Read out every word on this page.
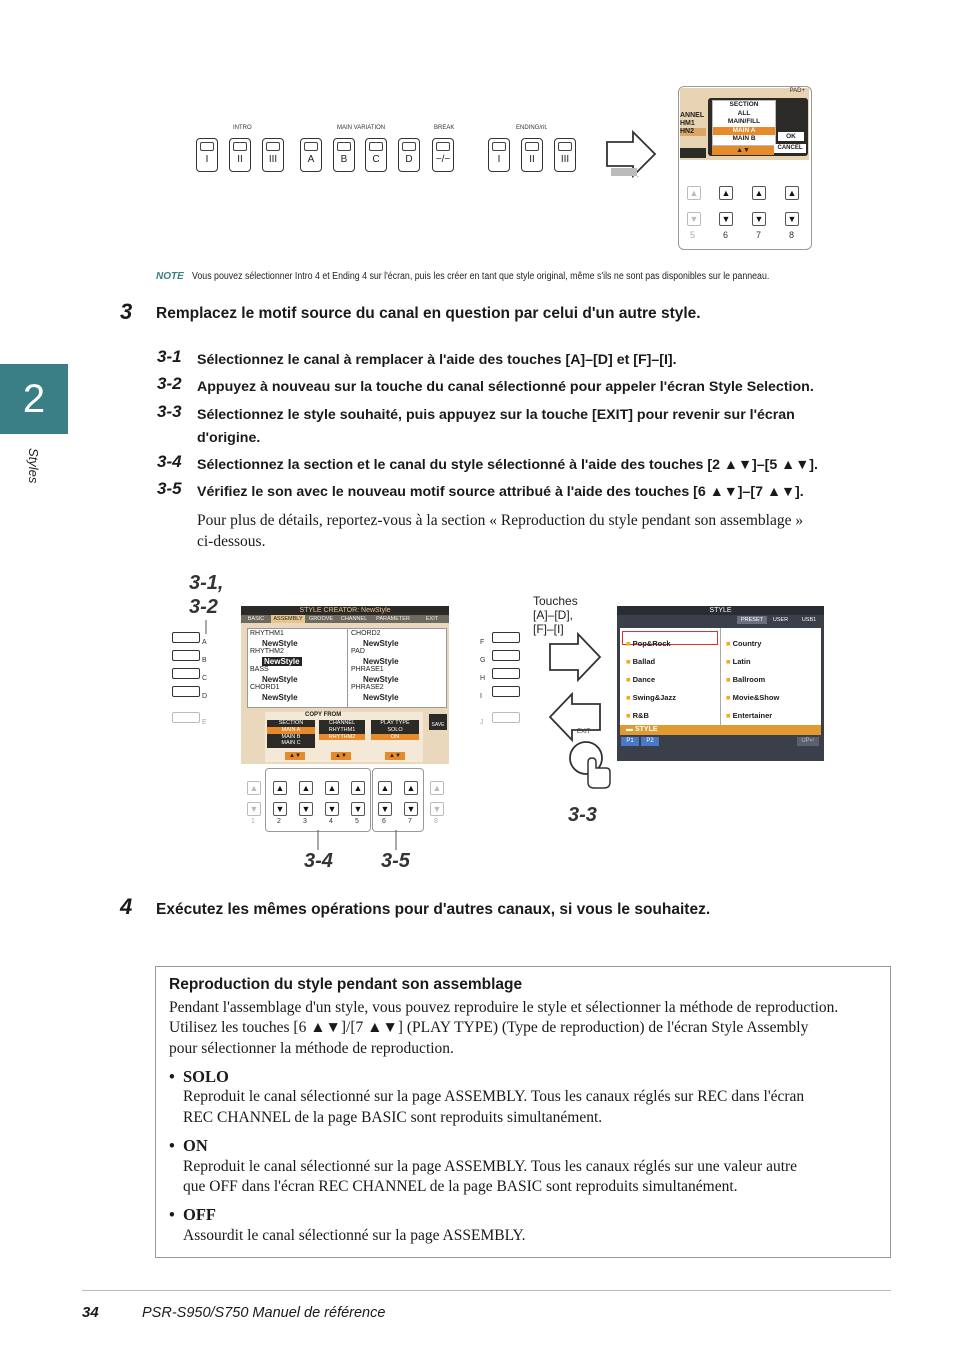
2
Styles
INTRO	MAIN VARIATION	BREAK	ENDING/rit.
I	II	III	A	B	C	D	−/−	I	II	III
PAD+
ANNEL
HM1
HN2
SECTION
ALL
MAIN/FILL
MAIN A
MAIN B
▲▼
OK
CANCEL
▲	▲	▲	▲
▼	▼	▼	▼
5	6	7	8
NOTE Vous pouvez sélectionner Intro 4 et Ending 4 sur l'écran, puis les créer en tant que style original, même s'ils ne sont pas disponibles sur le panneau.
3 Remplacez le motif source du canal en question par celui d'un autre style.
3-1 Sélectionnez le canal à remplacer à l'aide des touches [A]–[D] et [F]–[I].
3-2 Appuyez à nouveau sur la touche du canal sélectionné pour appeler l'écran Style Selection.
3-3 Sélectionnez le style souhaité, puis appuyez sur la touche [EXIT] pour revenir sur l'écran
d'origine.
3-4 Sélectionnez la section et le canal du style sélectionné à l'aide des touches [2 ▲▼]–[5 ▲▼].
3-5 Vérifiez le son avec le nouveau motif source attribué à l'aide des touches [6 ▲▼]–[7 ▲▼].
Pour plus de détails, reportez-vous à la section « Reproduction du style pendant son assemblage »
ci-dessous.
3-1,
3-2
A
B
C
D
E
F
G
H
I
J
STYLE CREATOR: NewStyle
BASIC	ASSEMBLY	GROOVE	CHANNEL	PARAMETER	EXIT
RHYTHM1
NewStyle
RHYTHM2
NewStyle
BASS
NewStyle
CHORD1
NewStyle
CHORD2
NewStyle
PAD
NewStyle
PHRASE1
NewStyle
PHRASE2
NewStyle
COPY FROM
SECTION
MAIN A
MAIN B
MAIN C
CHANNEL
RHYTHM1
RHYTHM2
PLAY TYPE
SOLO
ON
▲▼	▲▼	▲▼
SAVE
▲ ▲ ▲ ▲ ▲ ▲ ▲ ▲
▼ ▼ ▼ ▼ ▼ ▼ ▼ ▼
1	2	3	4	5	6	7	8
3-4 3-5
Touches
[A]–[D],
[F]–[I]
EXIT
3-3
STYLE
PRESET	USER	USB1
■ Pop&Rock
■ Ballad
■ Dance
■ Swing&Jazz
■ R&B
■ Country
■ Latin
■ Ballroom
■ Movie&Show
■ Entertainer
▬ STYLE
P1	P2	UP↵
4 Exécutez les mêmes opérations pour d'autres canaux, si vous le souhaitez.
Reproduction du style pendant son assemblage
Pendant l'assemblage d'un style, vous pouvez reproduire le style et sélectionner la méthode de reproduction.
Utilisez les touches [6 ▲▼]/[7 ▲▼] (PLAY TYPE) (Type de reproduction) de l'écran Style Assembly
pour sélectionner la méthode de reproduction.
• SOLO
Reproduit le canal sélectionné sur la page ASSEMBLY. Tous les canaux réglés sur REC dans l'écran
REC CHANNEL de la page BASIC sont reproduits simultanément.
• ON
Reproduit le canal sélectionné sur la page ASSEMBLY. Tous les canaux réglés sur une valeur autre
que OFF dans l'écran REC CHANNEL de la page BASIC sont reproduits simultanément.
• OFF
Assourdit le canal sélectionné sur la page ASSEMBLY.
34	PSR-S950/S750 Manuel de référence
